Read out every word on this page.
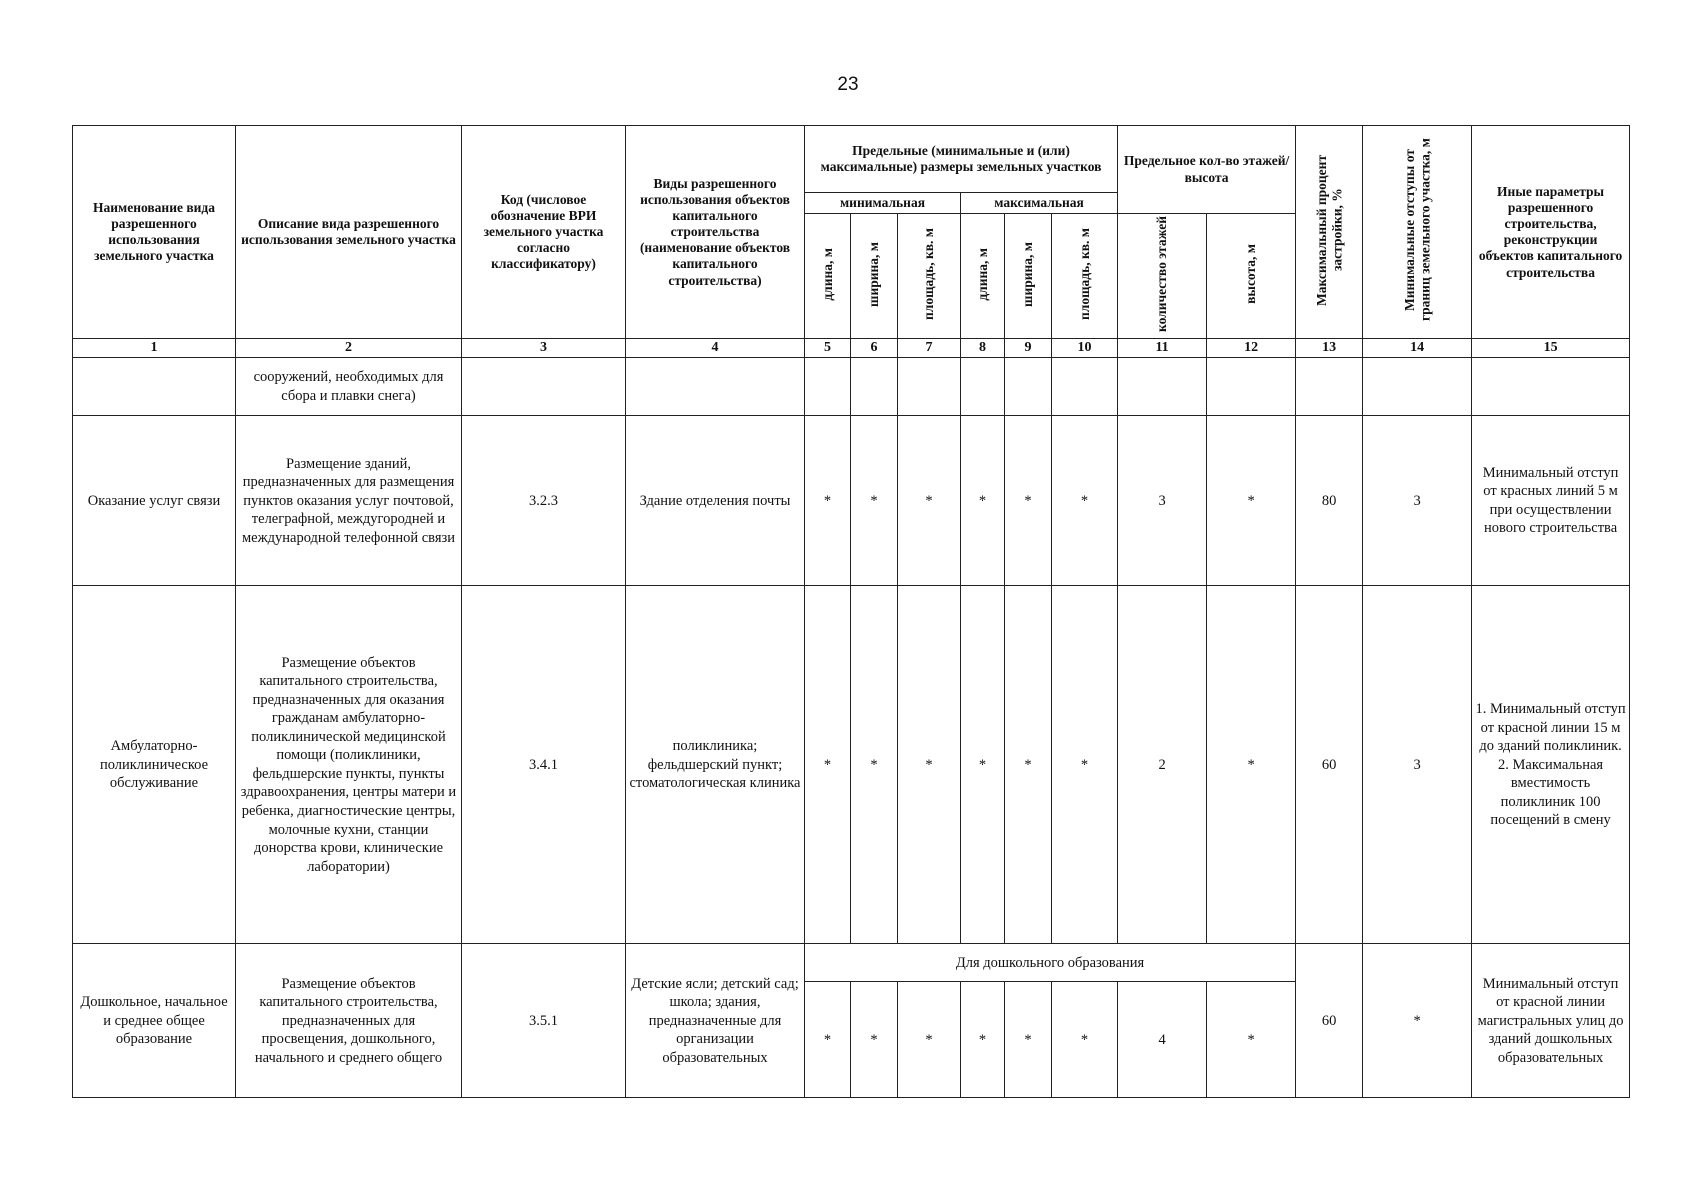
23
Наименование вида разрешенного использования земельного участка	Описание вида разрешенного использования земельного участка	Код (числовое обозначение ВРИ земельного участка согласно классификатору)	Виды разрешенного использования объектов капитального строительства (наименование объектов капитального строительства)	Предельные (минимальные и (или) максимальные) размеры земельных участков						Предельное кол-во этажей/высота		Максимальный процент застройки, %	Минимальные отступы от границ земельного участка, м	Иные параметры разрешенного строительства, реконструкции объектов капитального строительства
				минимальная			максимальная							
				длина, м	ширина, м	площадь, кв. м	длина, м	ширина, м	площадь, кв. м	количество этажей	высота, м			
1	2	3	4	5	6	7	8	9	10	11	12	13	14	15
	сооружений, необходимых для сбора и плавки снега)													
Оказание услуг связи	Размещение зданий, предназначенных для размещения пунктов оказания услуг почтовой, телеграфной, междугородней и международной телефонной связи	3.2.3	Здание отделения почты	*	*	*	*	*	*	3	*	80	3	Минимальный отступ от красных линий 5 м при осуществлении нового строительства
Амбулаторно-поликлиническое обслуживание	Размещение объектов капитального строительства, предназначенных для оказания гражданам амбулаторно-поликлинической медицинской помощи (поликлиники, фельдшерские пункты, пункты здравоохранения, центры матери и ребенка, диагностические центры, молочные кухни, станции донорства крови, клинические лаборатории)	3.4.1	поликлиника; фельдшерский пункт; стоматологическая клиника	*	*	*	*	*	*	2	*	60	3	1. Минимальный отступ от красной линии 15 м до зданий поликлиник. 2. Максимальная вместимость поликлиник 100 посещений в смену
Дошкольное, начальное и среднее общее образование	Размещение объектов капитального строительства, предназначенных для просвещения, дошкольного, начального и среднего общего	3.5.1	Детские ясли; детский сад; школа; здания, предназначенные для организации образовательных	Для дошкольного образования								60	*	Минимальный отступ от красной линии магистральных улиц до зданий дошкольных образовательных
				*	*	*	*	*	*	4	*			
